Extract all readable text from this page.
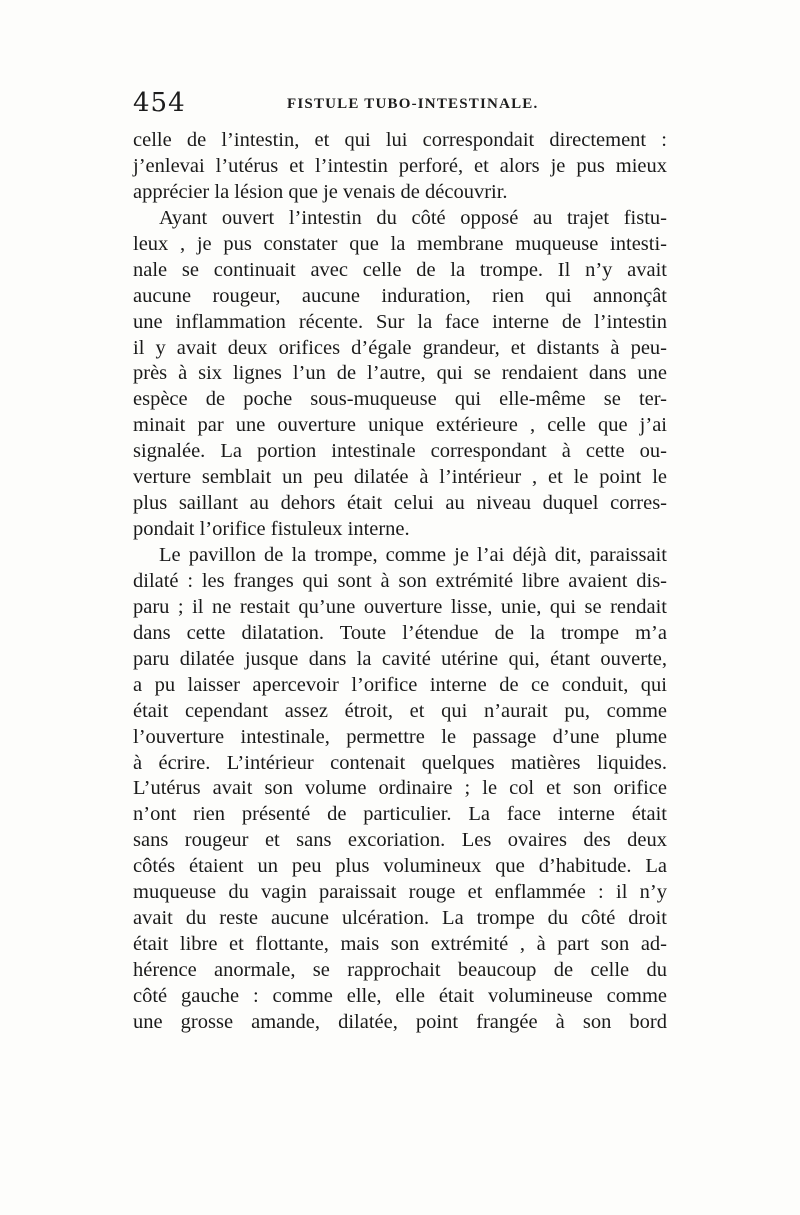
454	FISTULE TUBO-INTESTINALE.
celle de l’intestin, et qui lui correspondait directement :
j’enlevai l’utérus et l’intestin perforé, et alors je pus mieux
apprécier la lésion que je venais de découvrir.
Ayant ouvert l’intestin du côté opposé au trajet fistu-
leux , je pus constater que la membrane muqueuse intesti-
nale se continuait avec celle de la trompe. Il n’y avait
aucune rougeur, aucune induration, rien qui annonçât
une inflammation récente. Sur la face interne de l’intestin
il y avait deux orifices d’égale grandeur, et distants à peu-
près à six lignes l’un de l’autre, qui se rendaient dans une
espèce de poche sous-muqueuse qui elle-même se ter-
minait par une ouverture unique extérieure , celle que j’ai
signalée. La portion intestinale correspondant à cette ou-
verture semblait un peu dilatée à l’intérieur , et le point le
plus saillant au dehors était celui au niveau duquel corres-
pondait l’orifice fistuleux interne.
Le pavillon de la trompe, comme je l’ai déjà dit, paraissait
dilaté : les franges qui sont à son extrémité libre avaient dis-
paru ; il ne restait qu’une ouverture lisse, unie, qui se rendait
dans cette dilatation. Toute l’étendue de la trompe m’a
paru dilatée jusque dans la cavité utérine qui, étant ouverte,
a pu laisser apercevoir l’orifice interne de ce conduit, qui
était cependant assez étroit, et qui n’aurait pu, comme
l’ouverture intestinale, permettre le passage d’une plume
à écrire. L’intérieur contenait quelques matières liquides.
L’utérus avait son volume ordinaire ; le col et son orifice
n’ont rien présenté de particulier. La face interne était
sans rougeur et sans excoriation. Les ovaires des deux
côtés étaient un peu plus volumineux que d’habitude. La
muqueuse du vagin paraissait rouge et enflammée : il n’y
avait du reste aucune ulcération. La trompe du côté droit
était libre et flottante, mais son extrémité , à part son ad-
hérence anormale, se rapprochait beaucoup de celle du
côté gauche : comme elle, elle était volumineuse comme
une grosse amande, dilatée, point frangée à son bord
